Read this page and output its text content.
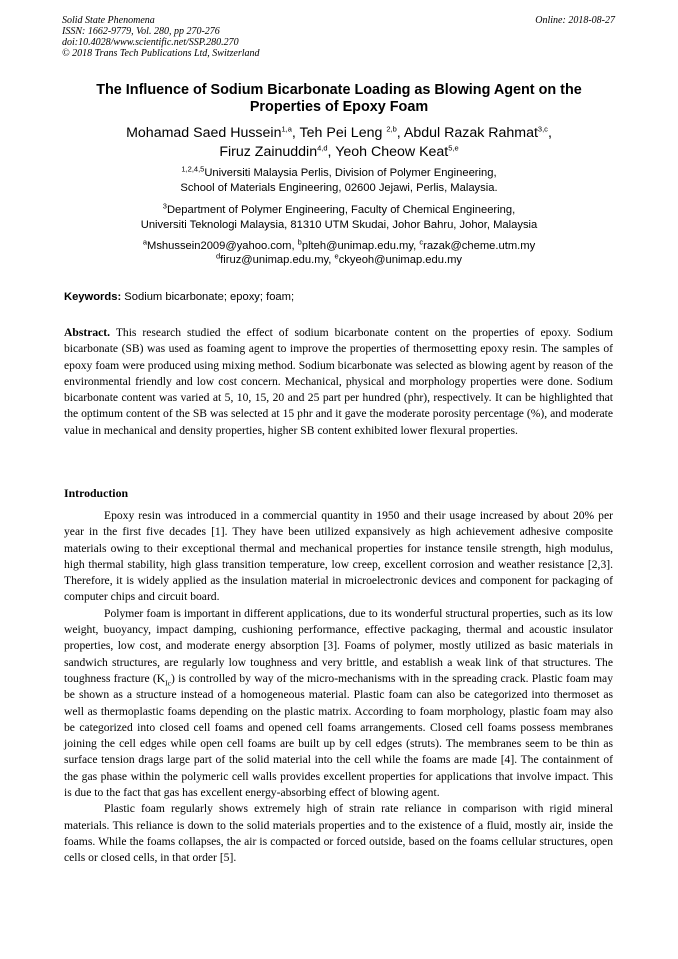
Solid State Phenomena
ISSN: 1662-9779, Vol. 280, pp 270-276
doi:10.4028/www.scientific.net/SSP.280.270
© 2018 Trans Tech Publications Ltd, Switzerland
Online: 2018-08-27
The Influence of Sodium Bicarbonate Loading as Blowing Agent on the
Properties of Epoxy Foam
Mohamad Saed Hussein$^{1,a}$, Teh Pei Leng $^{2,b}$, Abdul Razak Rahmat$^{3,c}$,
Firuz Zainuddin$^{4,d}$, Yeoh Cheow Keat$^{5,e}$
$^{1,2,4,5}$Universiti Malaysia Perlis, Division of Polymer Engineering,
School of Materials Engineering, 02600 Jejawi, Perlis, Malaysia.
$^3$Department of Polymer Engineering, Faculty of Chemical Engineering,
Universiti Teknologi Malaysia, 81310 UTM Skudai, Johor Bahru, Johor, Malaysia
$^a$Mshussein2009@yahoo.com, $^b$plteh@unimap.edu.my, $^c$razak@cheme.utm.my
$^d$firuz@unimap.edu.my, $^e$ckyeoh@unimap.edu.my
Keywords: Sodium bicarbonate; epoxy; foam;
Abstract. This research studied the effect of sodium bicarbonate content on the properties of epoxy. Sodium bicarbonate (SB) was used as foaming agent to improve the properties of thermosetting epoxy resin. The samples of epoxy foam were produced using mixing method. Sodium bicarbonate was selected as blowing agent by reason of the environmental friendly and low cost concern. Mechanical, physical and morphology properties were done. Sodium bicarbonate content was varied at 5, 10, 15, 20 and 25 part per hundred (phr), respectively. It can be highlighted that the optimum content of the SB was selected at 15 phr and it gave the moderate porosity percentage (%), and moderate value in mechanical and density properties, higher SB content exhibited lower flexural properties.
Introduction

Epoxy resin was introduced in a commercial quantity in 1950 and their usage increased by about 20% per year in the first five decades [1]. They have been utilized expansively as high achievement adhesive composite materials owing to their exceptional thermal and mechanical properties for instance tensile strength, high modulus, high thermal stability, high glass transition temperature, low creep, excellent corrosion and weather resistance [2,3]. Therefore, it is widely applied as the insulation material in microelectronic devices and component for packaging of computer chips and circuit board.

Polymer foam is important in different applications, due to its wonderful structural properties, such as its low weight, buoyancy, impact damping, cushioning performance, effective packaging, thermal and acoustic insulator properties, low cost, and moderate energy absorption [3]. Foams of polymer, mostly utilized as basic materials in sandwich structures, are regularly low toughness and very brittle, and establish a weak link of that structures. The toughness fracture $(K_{Ic})$ is controlled by way of the micro-mechanisms with in the spreading crack. Plastic foam may be shown as a structure instead of a homogeneous material. Plastic foam can also be categorized into thermoset as well as thermoplastic foams depending on the plastic matrix. According to foam morphology, plastic foam may also be categorized into closed cell foams and opened cell foams arrangements. Closed cell foams possess membranes joining the cell edges while open cell foams are built up by cell edges (struts). The membranes seem to be thin as surface tension drags large part of the solid material into the cell while the foams are made [4]. The containment of the gas phase within the polymeric cell walls provides excellent properties for applications that involve impact. This is due to the fact that gas has excellent energy-absorbing effect of blowing agent.

Plastic foam regularly shows extremely high of strain rate reliance in comparison with rigid mineral materials. This reliance is down to the solid materials properties and to the existence of a fluid, mostly air, inside the foams. While the foams collapses, the air is compacted or forced outside, based on the foams cellular structures, open cells or closed cells, in that order [5].
